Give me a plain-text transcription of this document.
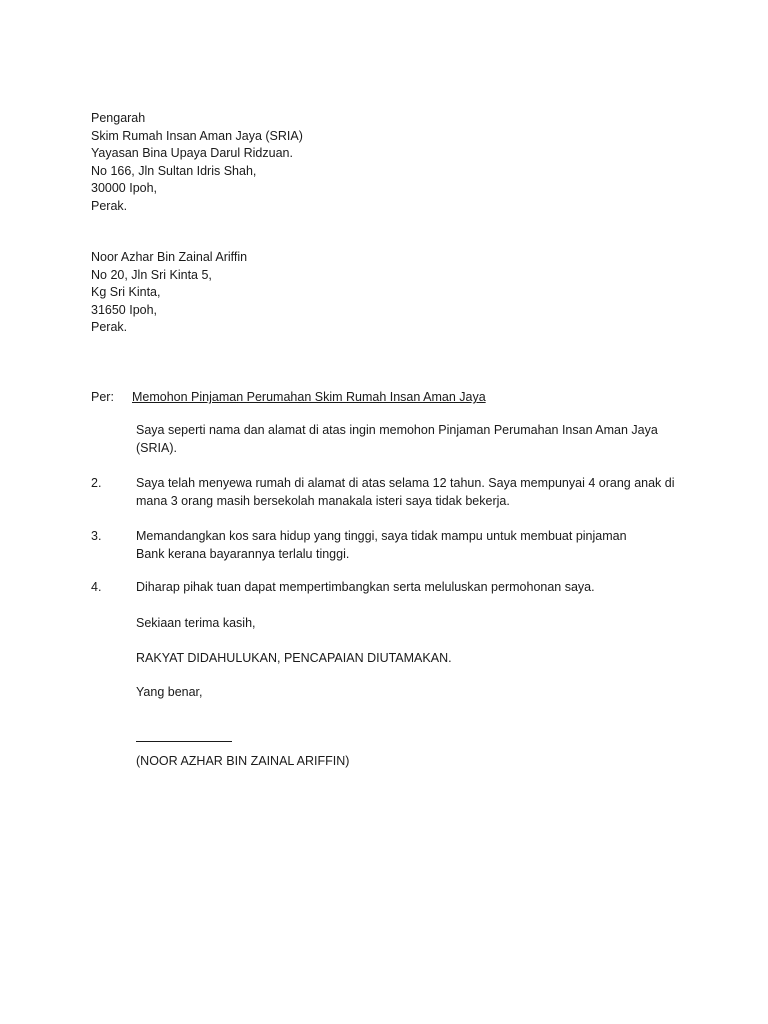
Pengarah
Skim Rumah Insan Aman Jaya (SRIA)
Yayasan Bina Upaya Darul Ridzuan.
No 166, Jln Sultan Idris Shah,
30000 Ipoh,
Perak.
Noor Azhar Bin Zainal Ariffin
No 20, Jln Sri Kinta 5,
Kg Sri Kinta,
31650 Ipoh,
Perak.
Per: Memohon Pinjaman Perumahan Skim Rumah Insan Aman Jaya
Saya seperti nama dan alamat di atas ingin memohon Pinjaman Perumahan Insan Aman Jaya
(SRIA).
2.	Saya telah menyewa rumah di alamat di atas selama 12 tahun. Saya mempunyai 4 orang anak di
mana 3 orang masih bersekolah manakala isteri saya tidak bekerja.
3.	Memandangkan kos sara hidup yang tinggi, saya tidak mampu untuk membuat pinjaman
Bank kerana bayarannya terlalu tinggi.
4.	Diharap pihak tuan dapat mempertimbangkan serta meluluskan permohonan saya.
Sekiaan terima kasih,
RAKYAT DIDAHULUKAN, PENCAPAIAN DIUTAMAKAN.
Yang benar,
(NOOR AZHAR BIN ZAINAL ARIFFIN)
